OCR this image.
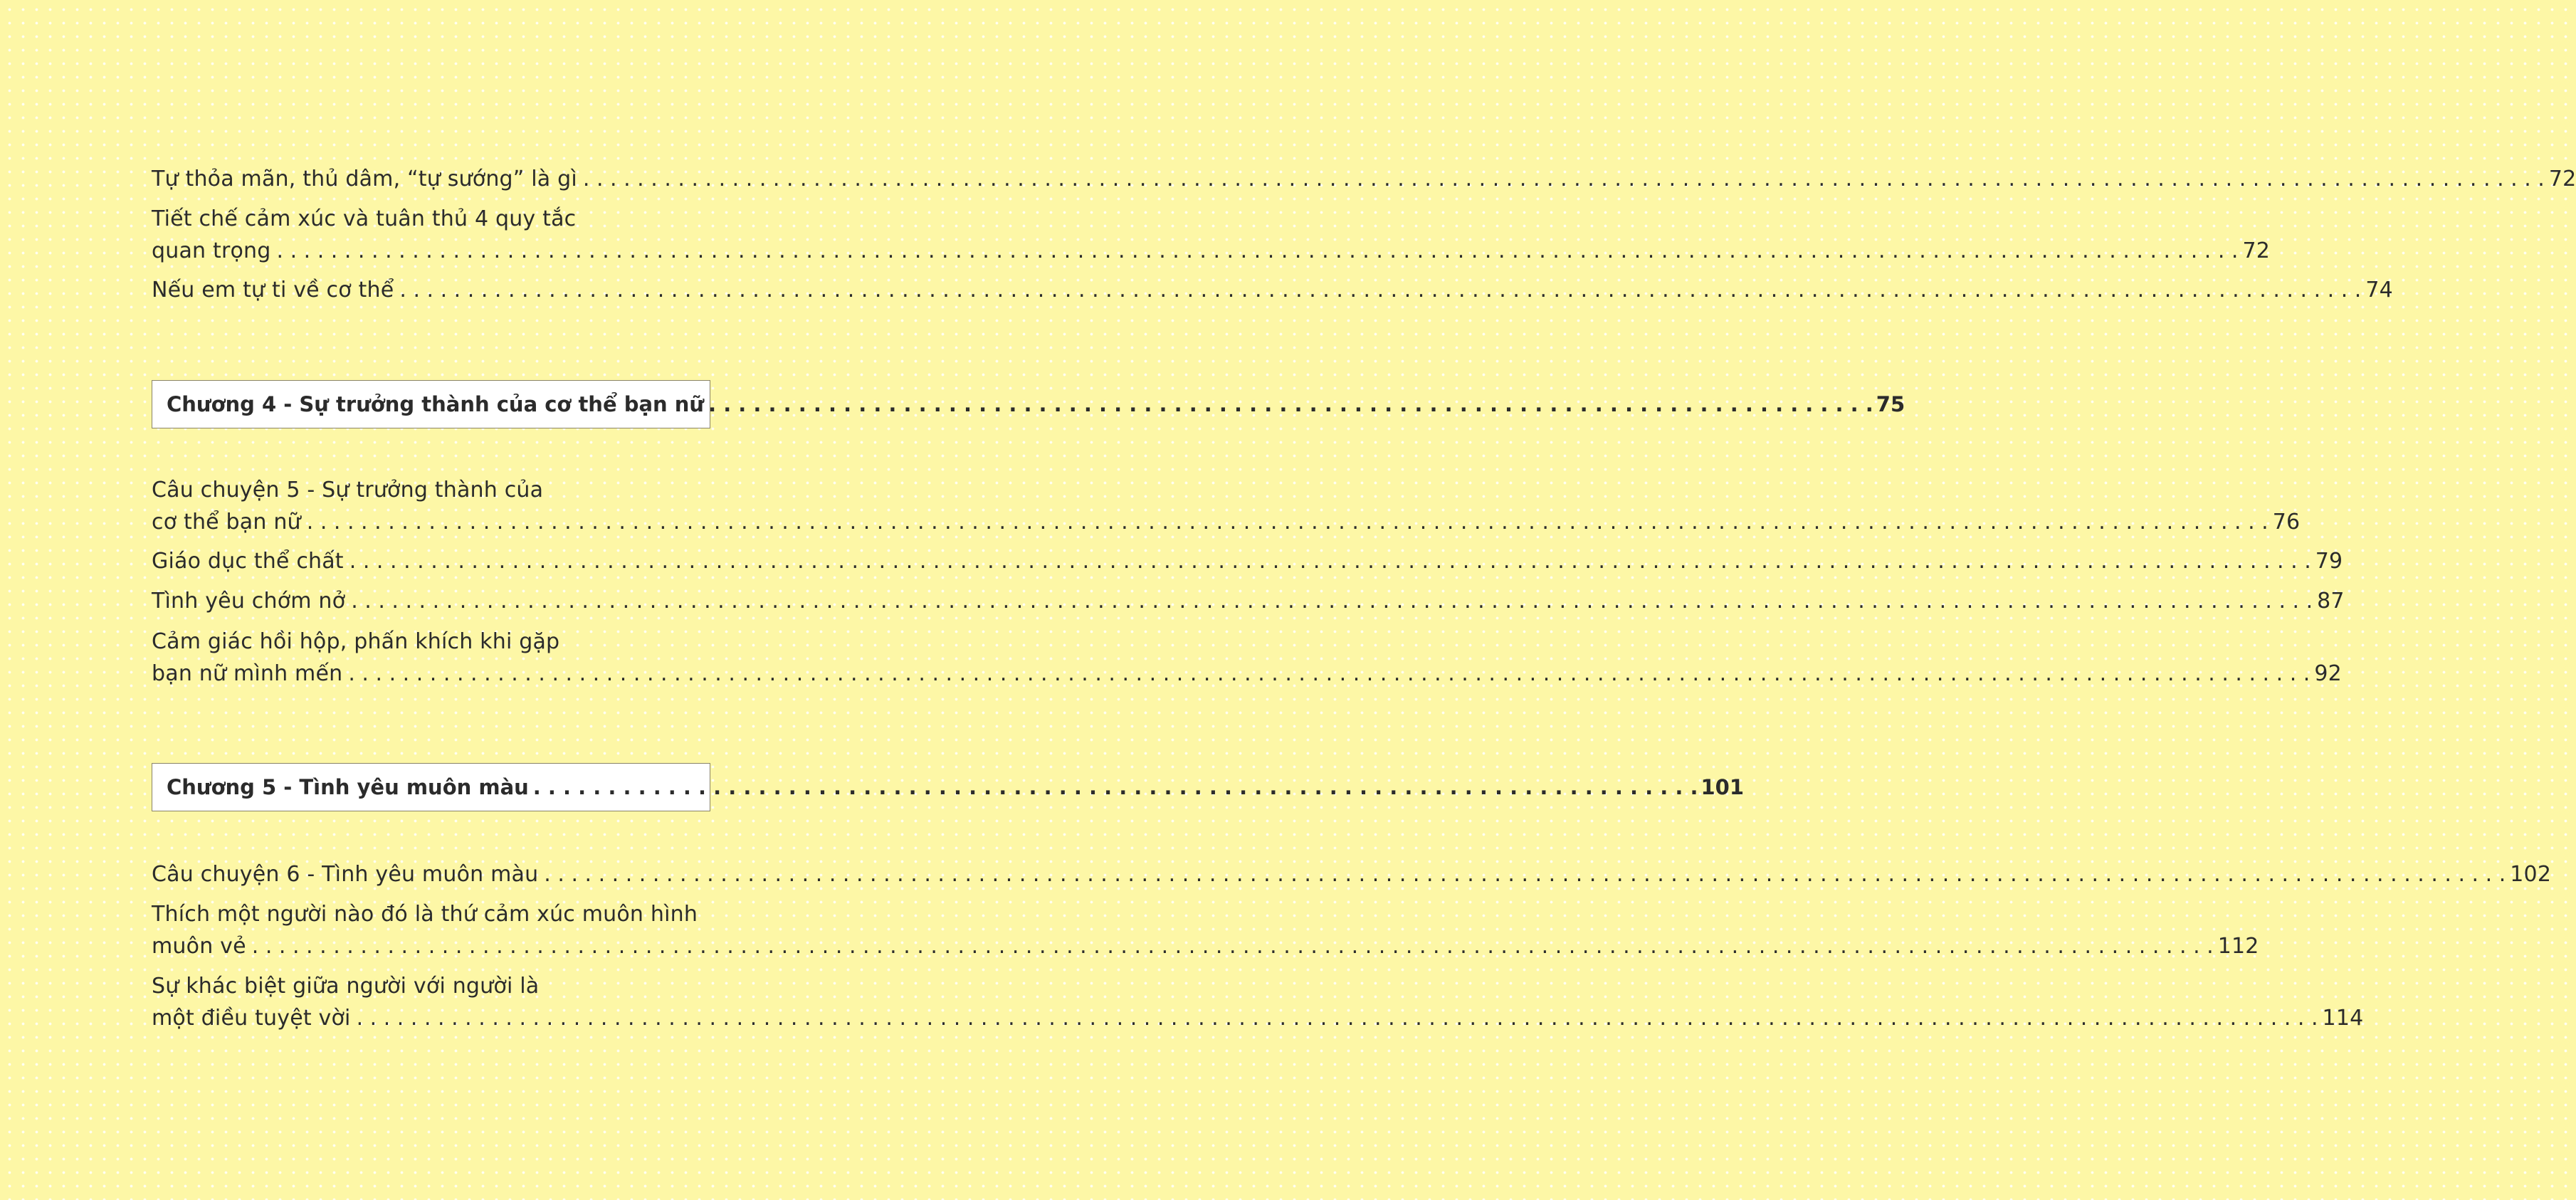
Tự thỏa mãn, thủ dâm, “tự sướng” là gì . . .	72
Tiết chế cảm xúc và tuân thủ 4 quy tắc
quan trọng . . .	72
Nếu em tự ti về cơ thể . . .	74
Chương 4 - Sự trưởng thành của cơ thể bạn nữ . . .	75
Câu chuyện 5 - Sự trưởng thành của
cơ thể bạn nữ . . .	76
Giáo dục thể chất . . .	79
Tình yêu chớm nở . . .	87
Cảm giác hồi hộp, phấn khích khi gặp
bạn nữ mình mến . . .	92
Chương 5 - Tình yêu muôn màu . . .	101
Câu chuyện 6 - Tình yêu muôn màu . . .	102
Thích một người nào đó là thứ cảm xúc muôn hình
muôn vẻ . . .	112
Sự khác biệt giữa người với người là
một điều tuyệt vời . . .	114
